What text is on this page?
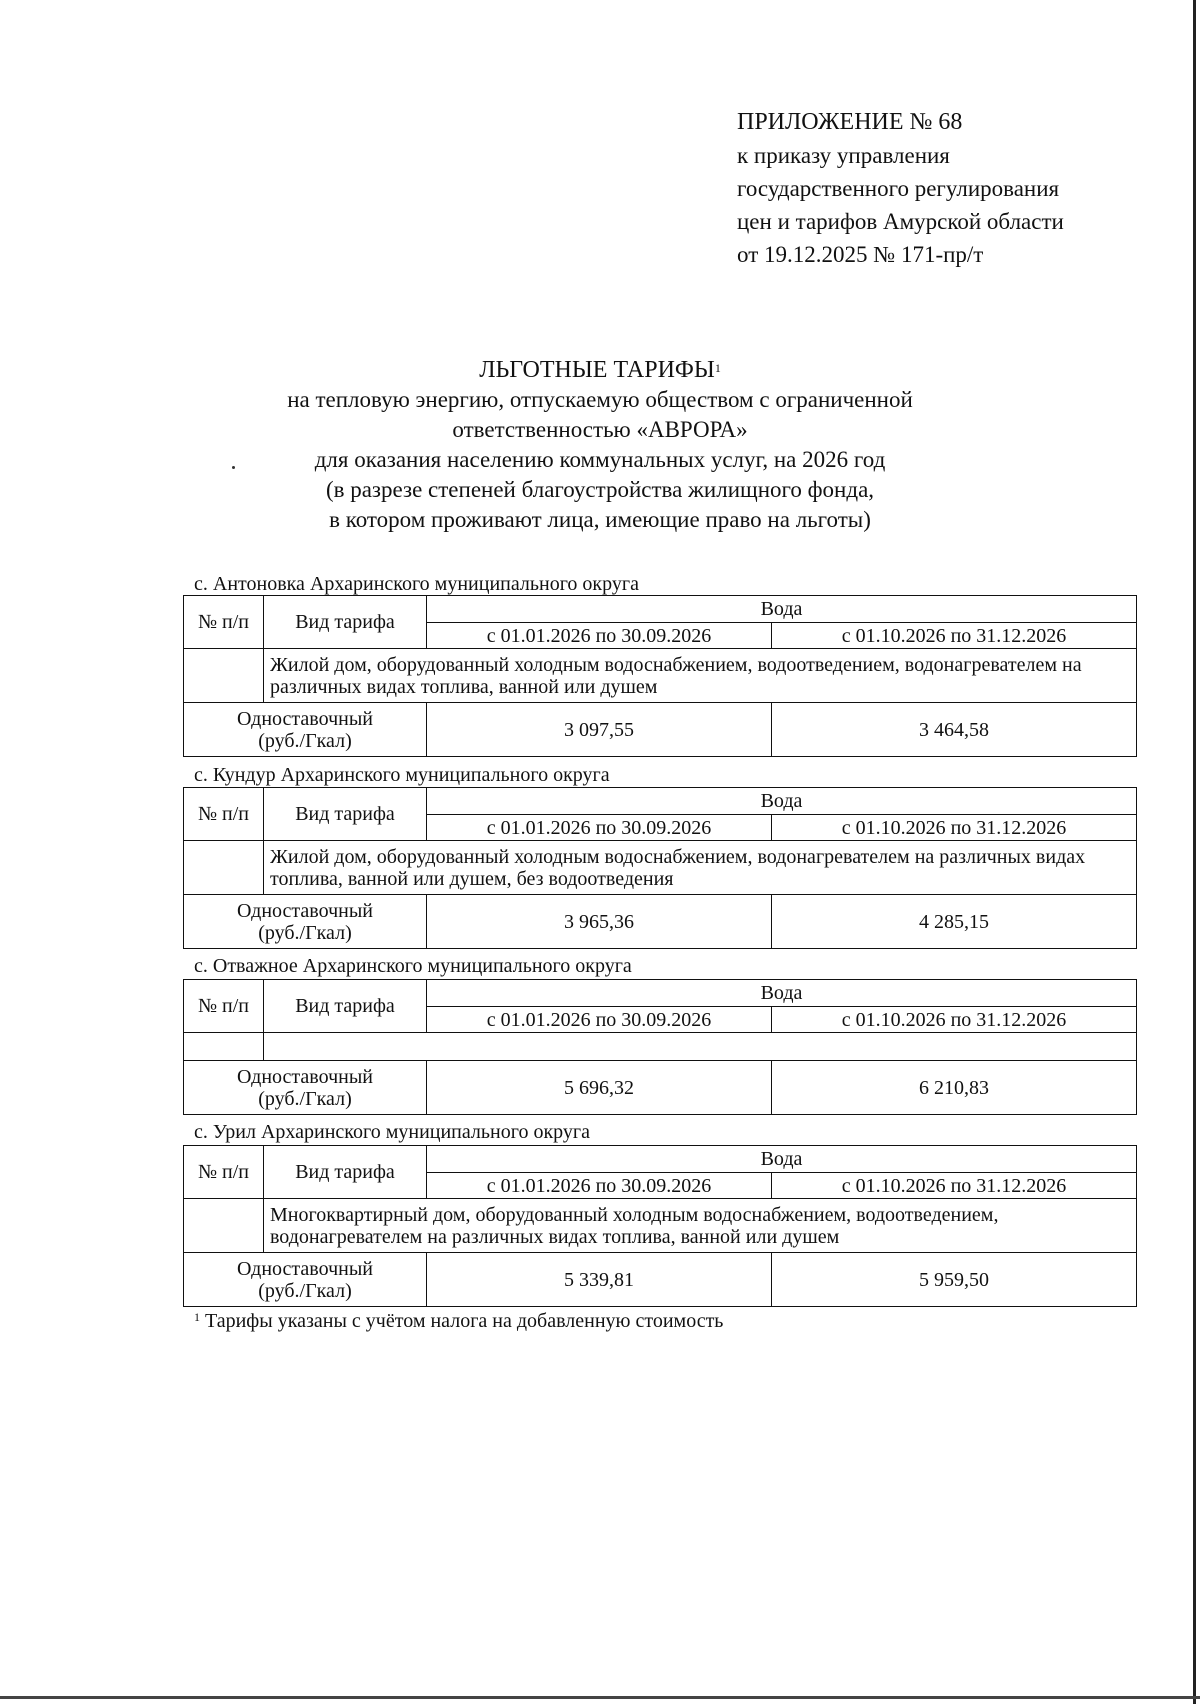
ПРИЛОЖЕНИЕ № 68
к приказу управления
государственного регулирования
цен и тарифов Амурской области
от 19.12.2025 № 171-пр/т
ЛЬГОТНЫЕ ТАРИФЫ$^1$
на тепловую энергию, отпускаемую обществом с ограниченной
ответственностью «АВРОРА»
для оказания населению коммунальных услуг, на 2026 год
(в разрезе степеней благоустройства жилищного фонда,
в котором проживают лица, имеющие право на льготы)
с. Антоновка Архаринского муниципального округа
№ п/п	Вид тарифа	Вода	
		с 01.01.2026 по 30.09.2026	с 01.10.2026 по 31.12.2026
	Жилой дом, оборудованный холодным водоснабжением, водоотведением, водонагревателем на различных видах топлива, ванной или душем		

Одноставочный
(руб./Гкал)		3 097,55	3 464,58
с. Кундур Архаринского муниципального округа
№ п/п	Вид тарифа	Вода	
		с 01.01.2026 по 30.09.2026	с 01.10.2026 по 31.12.2026
	Жилой дом, оборудованный холодным водоснабжением, водонагревателем на различных видах топлива, ванной или душем, без водоотведения		

Одноставочный
(руб./Гкал)		3 965,36	4 285,15
с. Отважное Архаринского муниципального округа
№ п/п	Вид тарифа	Вода	
		с 01.01.2026 по 30.09.2026	с 01.10.2026 по 31.12.2026

Одноставочный
(руб./Гкал)		5 696,32	6 210,83
с. Урил Архаринского муниципального округа
№ п/п	Вид тарифа	Вода	
		с 01.01.2026 по 30.09.2026	с 01.10.2026 по 31.12.2026
	Многоквартирный дом, оборудованный холодным водоснабжением, водоотведением, водонагревателем на различных видах топлива, ванной или душем		

Одноставочный
(руб./Гкал)		5 339,81	5 959,50
$^1$ Тарифы указаны с учётом налога на добавленную стоимость
